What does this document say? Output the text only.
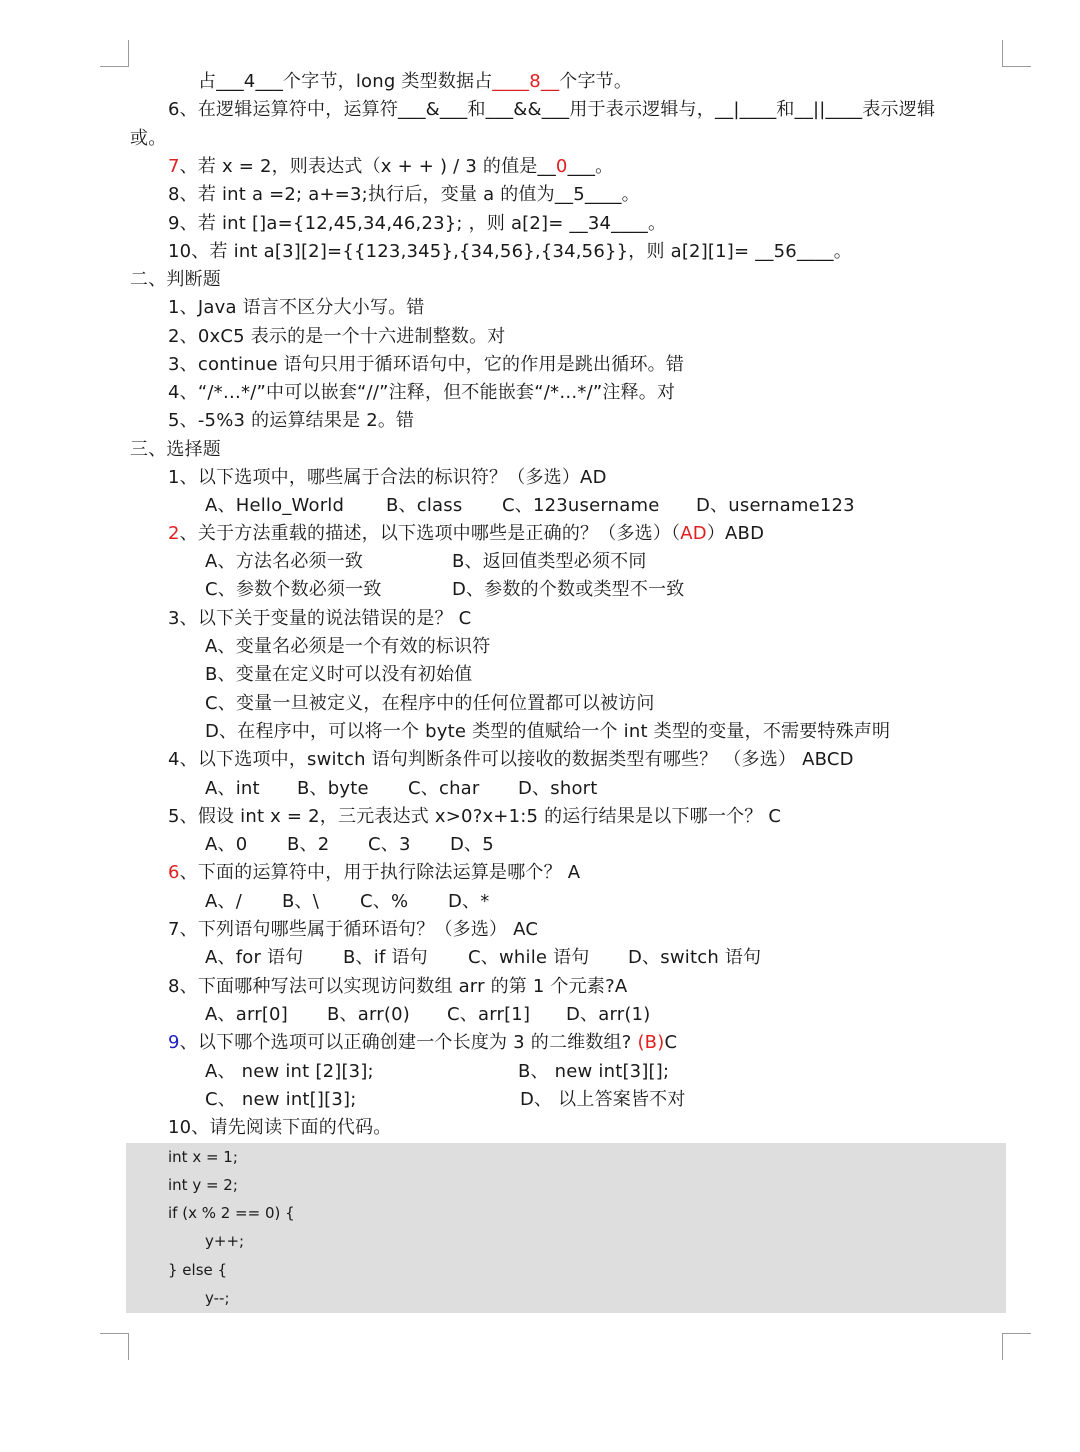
占___4___个字节，long 类型数据占____8__个字节。
6、在逻辑运算符中，运算符___&___和___&&___用于表示逻辑与，__|____和__||____表示逻辑
或。
7、若 x = 2，则表达式（x + + ) / 3 的值是__0___。
8、若 int a =2; a+=3;执行后，变量 a 的值为__5____。
9、若 int []a={12,45,34,46,23}; ，则 a[2]= __34____。
10、若 int a[3][2]={{123,345},{34,56},{34,56}}，则 a[2][1]= __56____。
二、判断题
1、Java 语言不区分大小写。错
2、0xC5 表示的是一个十六进制整数。对
3、continue 语句只用于循环语句中，它的作用是跳出循环。错
4、“/*…*/”中可以嵌套“//”注释，但不能嵌套“/*…*/”注释。对
5、-5%3 的运算结果是 2。错
三、选择题
1、以下选项中，哪些属于合法的标识符？（多选）AD
A、Hello_World B、class C、123username D、username123
2、关于方法重载的描述，以下选项中哪些是正确的？（多选）（AD）ABD
A、方法名必须一致	B、返回值类型必须不同
C、参数个数必须一致	D、参数的个数或类型不一致
3、以下关于变量的说法错误的是？ C
A、变量名必须是一个有效的标识符
B、变量在定义时可以没有初始值
C、变量一旦被定义，在程序中的任何位置都可以被访问
D、在程序中，可以将一个 byte 类型的值赋给一个 int 类型的变量，不需要特殊声明
4、以下选项中，switch 语句判断条件可以接收的数据类型有哪些？ （多选） ABCD
A、int B、byte C、char D、short
5、假设 int x = 2，三元表达式 x>0?x+1:5 的运行结果是以下哪一个？ C
A、0 B、2 C、3 D、5
6、下面的运算符中，用于执行除法运算是哪个？ A
A、/ B、\ C、% D、*
7、下列语句哪些属于循环语句？（多选） AC
A、for 语句 B、if 语句 C、while 语句 D、switch 语句
8、下面哪种写法可以实现访问数组 arr 的第 1 个元素?A
A、arr[0] B、arr(0) C、arr[1] D、arr(1)
9、以下哪个选项可以正确创建一个长度为 3 的二维数组? (B)C
A、 new int [2][3];	B、 new int[3][];
C、 new int[][3];	D、 以上答案皆不对
10、请先阅读下面的代码。
int x = 1;
int y = 2;
if (x % 2 == 0) {
y++;
} else {
y--;
